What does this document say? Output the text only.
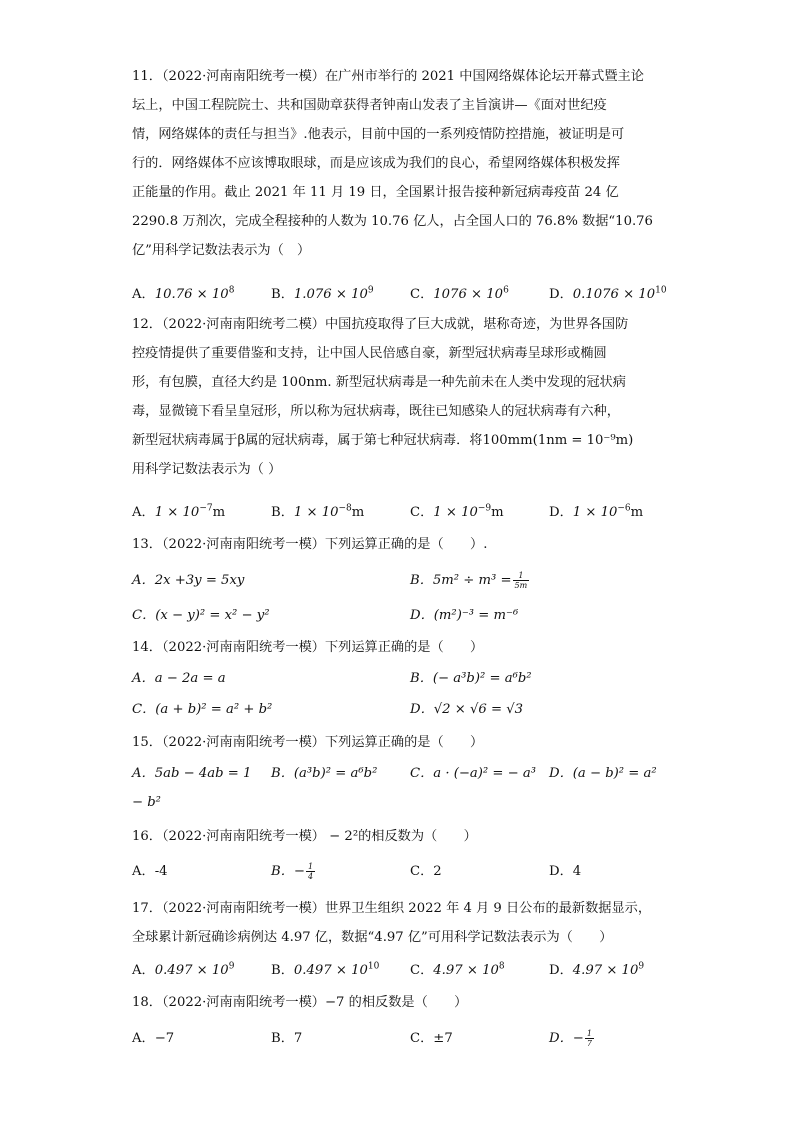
11．（2022·河南南阳统考一模）在广州市举行的 2021 中国网络媒体论坛开幕式暨主论
坛上，中国工程院院士、共和国勋章获得者钟南山发表了主旨演讲—《面对世纪疫
情，网络媒体的责任与担当》.他表示，目前中国的一系列疫情防控措施，被证明是可
行的．网络媒体不应该博取眼球，而是应该成为我们的良心，希望网络媒体积极发挥
正能量的作用。截止 2021 年 11 月 19 日，全国累计报告接种新冠病毒疫苗 24 亿
2290.8 万剂次，完成全程接种的人数为 10.76 亿人，占全国人口的 76.8% 数据“10.76
亿”用科学记数法表示为（　）
A．$10.76 \times 10^8$	B．$1.076 \times 10^9$	C．$1076 \times 10^6$	D．$0.1076 \times 10^{10}$
12．（2022·河南南阳统考二模）中国抗疫取得了巨大成就，堪称奇迹，为世界各国防
控疫情提供了重要借鉴和支持，让中国人民倍感自豪，新型冠状病毒呈球形或椭圆
形，有包膜，直径大约是 100nm. 新型冠状病毒是一种先前未在人类中发现的冠状病
毒，显微镜下看呈皇冠形，所以称为冠状病毒，既往已知感染人的冠状病毒有六种，
新型冠状病毒属于β属的冠状病毒，属于第七种冠状病毒．将100mm(1nm = 10⁻⁹m)
用科学记数法表示为（ ）
A．$1 \times 10^{-7}m$	B．$1 \times 10^{-8}m$	C．$1 \times 10^{-9}m$	D．$1 \times 10^{-6}m$
13．（2022·河南南阳统考一模）下列运算正确的是（　　）.
A．2x +3y = 5xy	B．$5m^2 \div m^3 = \frac{1}{5m}$
C．(x − y)² = x² − y²	D．(m²)⁻³ = m⁻⁶
14．（2022·河南南阳统考一模）下列运算正确的是（　　）
A．a − 2a = a	B．(− a³b)² = a⁶b²
C．(a + b)² = a² + b²	D．√2 × √6 = √3
15．（2022·河南南阳统考一模）下列运算正确的是（　　）
A．5ab − 4ab = 1 B．(a³b)² = a⁶b² C．a · (−a)² = − a³ D．(a − b)² = a²
− b²
16．（2022·河南南阳统考一模） − 2²的相反数为（　　）
A．-4	B．− $\frac{1}{4}$	C．2	D．4
17．（2022·河南南阳统考一模）世界卫生组织 2022 年 4 月 9 日公布的最新数据显示，
全球累计新冠确诊病例达 4.97 亿，数据“4.97 亿”可用科学记数法表示为（　　）
A．$0.497 \times 10^9$	B．$0.497 \times 10^{10}$ C．$4.97 \times 10^8$	D．$4.97 \times 10^9$
18．（2022·河南南阳统考一模）−7 的相反数是（　　）
A．−7	B．7	C．±7	D．− $\frac{1}{7}$
